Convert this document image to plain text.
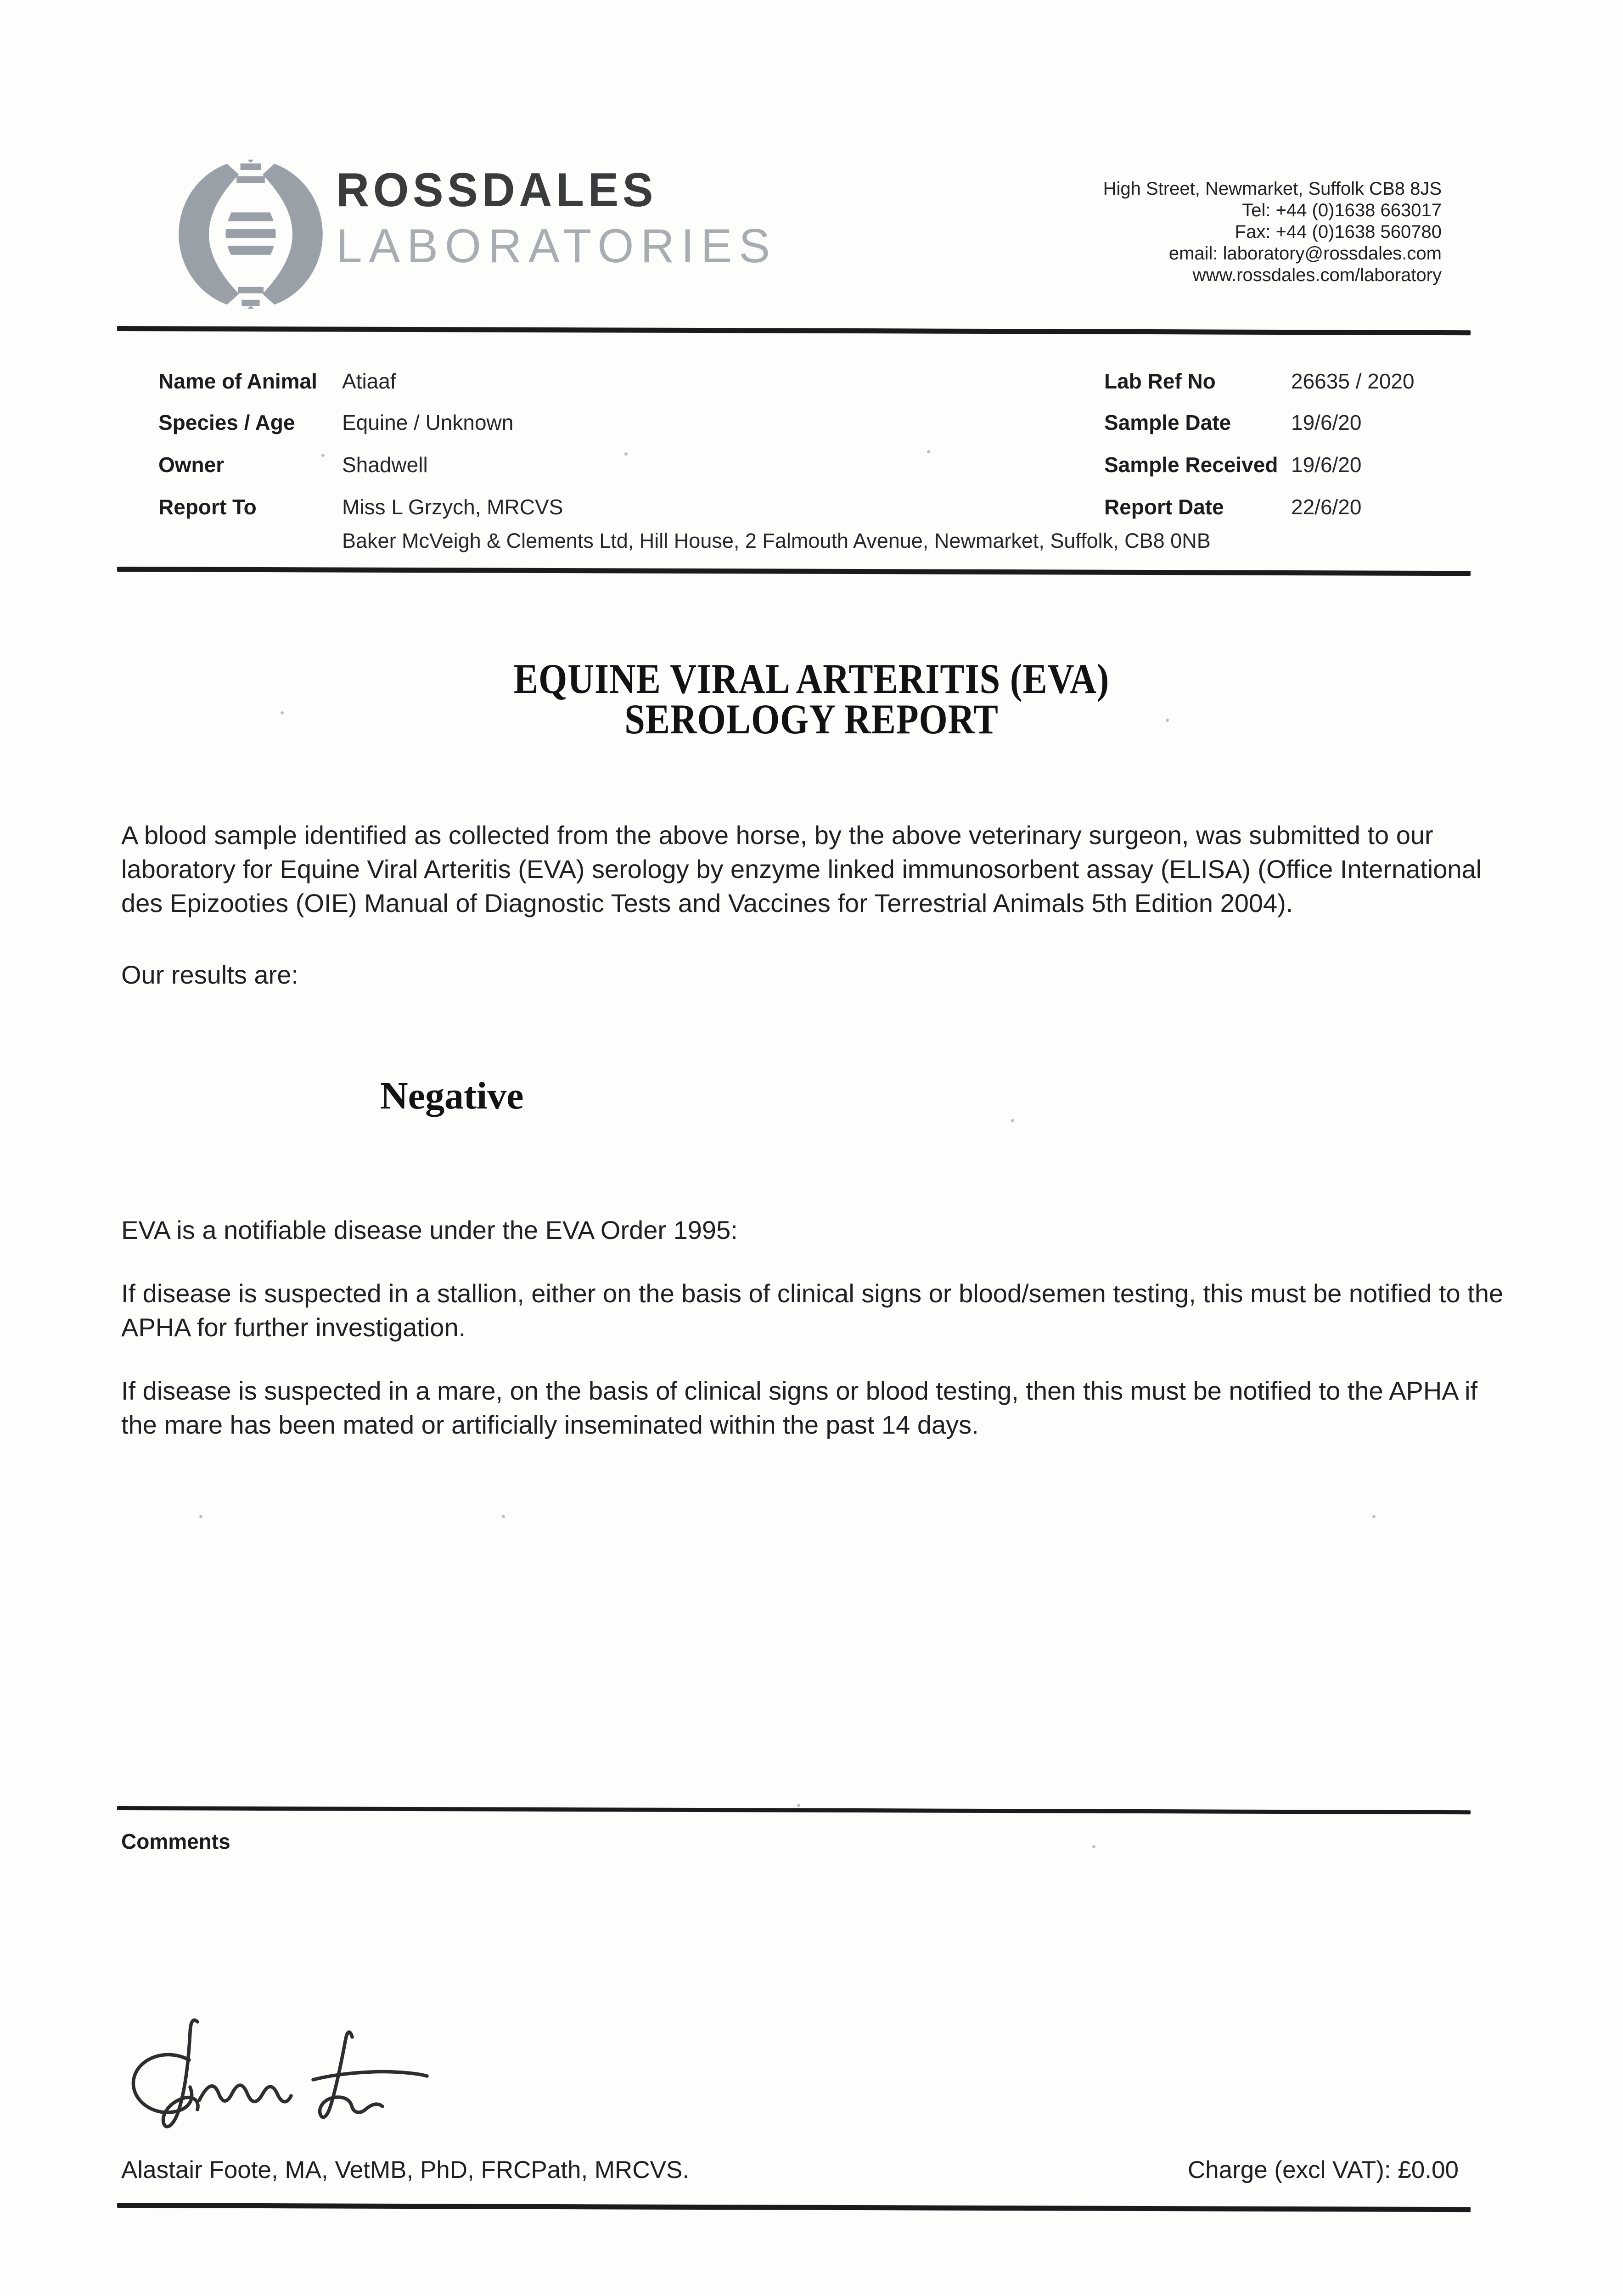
ROSSDALES
LABORATORIES
High Street, Newmarket, Suffolk CB8 8JS
Tel: +44 (0)1638 663017
Fax: +44 (0)1638 560780
email: laboratory@rossdales.com
www.rossdales.com/laboratory
Name of Animal Atiaaf
Species / Age Equine / Unknown
Owner	Shadwell
Report To	Miss L Grzych, MRCVS
Baker McVeigh & Clements Ltd, Hill House, 2 Falmouth Avenue, Newmarket, Suffolk, CB8 0NB
Lab Ref No	26635 / 2020
Sample Date	19/6/20
Sample Received 19/6/20
Report Date	22/6/20
EQUINE VIRAL ARTERITIS (EVA)
SEROLOGY REPORT
A blood sample identified as collected from the above horse, by the above veterinary surgeon, was submitted to our laboratory for Equine Viral Arteritis (EVA) serology by enzyme linked immunosorbent assay (ELISA) (Office International des Epizooties (OIE) Manual of Diagnostic Tests and Vaccines for Terrestrial Animals 5th Edition 2004).
Our results are:
Negative
EVA is a notifiable disease under the EVA Order 1995:
If disease is suspected in a stallion, either on the basis of clinical signs or blood/semen testing, this must be notified to the APHA for further investigation.
If disease is suspected in a mare, on the basis of clinical signs or blood testing, then this must be notified to the APHA if the mare has been mated or artificially inseminated within the past 14 days.
Comments
Alastair Foote, MA, VetMB, PhD, FRCPath, MRCVS.	Charge (excl VAT): £0.00
